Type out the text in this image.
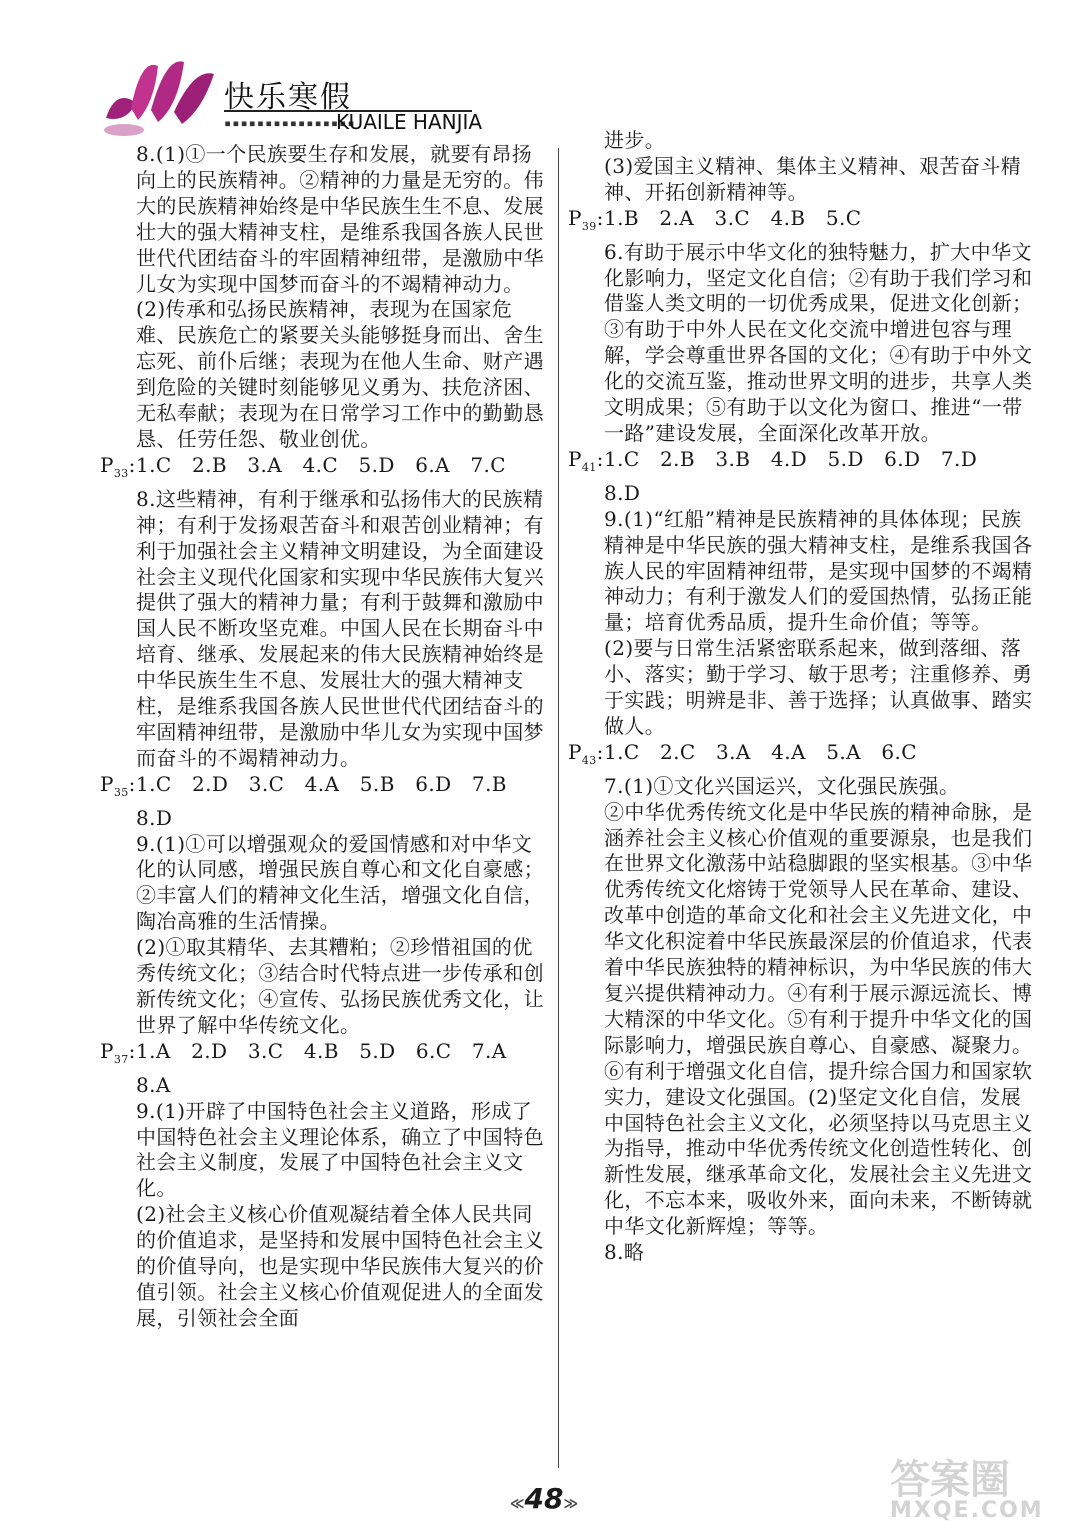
快乐寒假
▪▪▪▪▪▪▪▪▪▪▪▪▪▪▪▪
KUAILE HANJIA

8.(1)①一个民族要生存和发展，就要有昂扬向上的民族精神。②精神的力量是无穷的。伟大的民族精神始终是中华民族生生不息、发展壮大的强大精神支柱，是维系我国各族人民世世代代团结奋斗的牢固精神纽带，是激励中华儿女为实现中国梦而奋斗的不竭精神动力。

(2)传承和弘扬民族精神，表现为在国家危难、民族危亡的紧要关头能够挺身而出、舍生忘死、前仆后继；表现为在他人生命、财产遇到危险的关键时刻能够见义勇为、扶危济困、无私奉献；表现为在日常学习工作中的勤勤恳恳、任劳任怨、敬业创优。

$P_{33}:1.C$　2.B　3.A　4.C　5.D　6.A　7.C

8.这些精神，有利于继承和弘扬伟大的民族精神；有利于发扬艰苦奋斗和艰苦创业精神；有利于加强社会主义精神文明建设，为全面建设社会主义现代化国家和实现中华民族伟大复兴提供了强大的精神力量；有利于鼓舞和激励中国人民不断攻坚克难。中国人民在长期奋斗中培育、继承、发展起来的伟大民族精神始终是中华民族生生不息、发展壮大的强大精神支柱，是维系我国各族人民世世代代团结奋斗的牢固精神纽带，是激励中华儿女为实现中国梦而奋斗的不竭精神动力。

$P_{35}:1.C$　2.D　3.C　4.A　5.B　6.D　7.B

8.D

9.(1)①可以增强观众的爱国情感和对中华文化的认同感，增强民族自尊心和文化自豪感；②丰富人们的精神文化生活，增强文化自信，陶冶高雅的生活情操。

(2)①取其精华、去其糟粕；②珍惜祖国的优秀传统文化；③结合时代特点进一步传承和创新传统文化；④宣传、弘扬民族优秀文化，让世界了解中华传统文化。

$P_{37}:1.A$　2.D　3.C　4.B　5.D　6.C　7.A

8.A

9.(1)开辟了中国特色社会主义道路，形成了中国特色社会主义理论体系，确立了中国特色社会主义制度，发展了中国特色社会主义文化。

(2)社会主义核心价值观凝结着全体人民共同的价值追求，是坚持和发展中国特色社会主义的价值导向，也是实现中华民族伟大复兴的价值引领。社会主义核心价值观促进人的全面发展，引领社会全面

进步。

(3)爱国主义精神、集体主义精神、艰苦奋斗精神、开拓创新精神等。

$P_{39}:1.B$　2.A　3.C　4.B　5.C

6.有助于展示中华文化的独特魅力，扩大中华文化影响力，坚定文化自信；②有助于我们学习和借鉴人类文明的一切优秀成果，促进文化创新；③有助于中外人民在文化交流中增进包容与理解，学会尊重世界各国的文化；④有助于中外文化的交流互鉴，推动世界文明的进步，共享人类文明成果；⑤有助于以文化为窗口、推进“一带一路”建设发展，全面深化改革开放。

$P_{41}:1.C$　2.B　3.B　4.D　5.D　6.D　7.D

8.D

9.(1)“红船”精神是民族精神的具体体现；民族精神是中华民族的强大精神支柱，是维系我国各族人民的牢固精神纽带，是实现中国梦的不竭精神动力；有利于激发人们的爱国热情，弘扬正能量；培育优秀品质，提升生命价值；等等。

(2)要与日常生活紧密联系起来，做到落细、落小、落实；勤于学习、敏于思考；注重修养、勇于实践；明辨是非、善于选择；认真做事、踏实做人。

$P_{43}:1.C$　2.C　3.A　4.A　5.A　6.C

7.(1)①文化兴国运兴，文化强民族强。

②中华优秀传统文化是中华民族的精神命脉，是涵养社会主义核心价值观的重要源泉，也是我们在世界文化激荡中站稳脚跟的坚实根基。③中华优秀传统文化熔铸于党领导人民在革命、建设、改革中创造的革命文化和社会主义先进文化，中华文化积淀着中华民族最深层的价值追求，代表着中华民族独特的精神标识，为中华民族的伟大复兴提供精神动力。④有利于展示源远流长、博大精深的中华文化。⑤有利于提升中华文化的国际影响力，增强民族自尊心、自豪感、凝聚力。⑥有利于增强文化自信，提升综合国力和国家软实力，建设文化强国。(2)坚定文化自信，发展中国特色社会主义文化，必须坚持以马克思主义为指导，推动中华优秀传统文化创造性转化、创新性发展，继承革命文化，发展社会主义先进文化，不忘本来，吸收外来，面向未来，不断铸就中华文化新辉煌；等等。

8.略

≪48≫
答案圈
MXQE.COM
